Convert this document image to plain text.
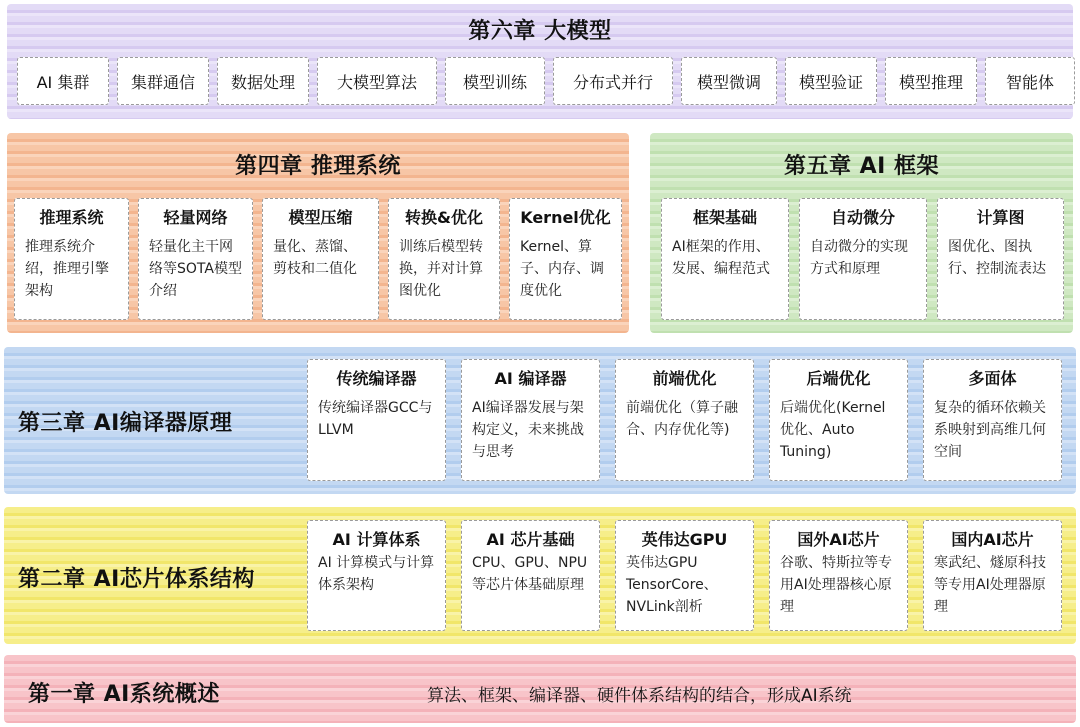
第六章 大模型
AI 集群	集群通信	数据处理	大模型算法	模型训练	分布式并行	模型微调	模型验证	模型推理	智能体
第四章 推理系统
推理系统
推理系统介绍，推理引擎架构
轻量网络
轻量化主干网络等SOTA模型介绍
模型压缩
量化、蒸馏、剪枝和二值化
转换&优化
训练后模型转换，并对计算图优化
Kernel优化
Kernel、算子、内存、调度优化
第五章 AI 框架
框架基础
AI框架的作用、发展、编程范式
自动微分
自动微分的实现方式和原理
计算图
图优化、图执行、控制流表达
第三章 AI编译器原理
传统编译器
传统编译器GCC与LLVM
AI 编译器
AI编译器发展与架构定义，未来挑战与思考
前端优化
前端优化（算子融合、内存优化等)
后端优化
后端优化(Kernel优化、Auto Tuning)
多面体
复杂的循环依赖关系映射到高维几何空间
第二章 AI芯片体系结构
AI 计算体系
AI 计算模式与计算体系架构
AI 芯片基础
CPU、GPU、NPU等芯片体基础原理
英伟达GPU
英伟达GPU TensorCore、NVLink剖析
国外AI芯片
谷歌、特斯拉等专用AI处理器核心原理
国内AI芯片
寒武纪、燧原科技等专用AI处理器原理
第一章 AI系统概述	算法、框架、编译器、硬件体系结构的结合，形成AI系统
